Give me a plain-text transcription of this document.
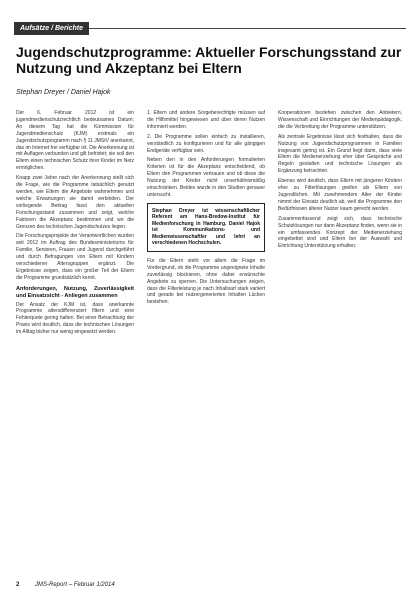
Aufsätze / Berichte
Jugendschutzprogramme: Aktueller Forschungsstand zur Nutzung und Akzeptanz bei Eltern
Stephan Dreyer / Daniel Hajok

Der 6. Februar 2012 ist ein jugendmedienschutzrechtlich bedeutsames Datum: An diesem Tag hat die Kommission für Jugendmedienschutz (KJM) erstmals ein Jugendschutzprogramm nach § 11 JMStV anerkannt, das im Internet frei verfügbar ist. Die Anerkennung ist mit Auflagen verbunden und gilt befristet; sie soll den Eltern einen technischen Schutz ihrer Kinder im Netz ermöglichen.

Knapp zwei Jahre nach der Anerkennung stellt sich die Frage, wie die Programme tatsächlich genutzt werden, wie Eltern die Angebote wahrnehmen und welche Erwartungen sie damit verbinden. Der vorliegende Beitrag fasst den aktuellen Forschungsstand zusammen und zeigt, welche Faktoren die Akzeptanz bestimmen und wo die Grenzen des technischen Jugendschutzes liegen.

Die Forschungsprojekte der Verantwortlichen wurden seit 2012 im Auftrag des Bundesministeriums für Familie, Senioren, Frauen und Jugend durchgeführt und durch Befragungen von Eltern mit Kindern verschiedener Altersgruppen ergänzt. Die Ergebnisse zeigen, dass ein großer Teil der Eltern die Programme grundsätzlich kennt.

Anforderungen, Nutzung, Zuverlässigkeit und Einsatzsicht - Anliegen zusammen

Der Ansatz der KJM ist, dass anerkannte Programme altersdifferenziert filtern und eine Fehlerquote gering halten. Bei einer Betrachtung der Praxis wird deutlich, dass die technischen Lösungen im Alltag bisher nur wenig eingesetzt werden.

1. Eltern und andere Sorgeberechtigte müssen auf die Hilfsmittel hingewiesen und über deren Nutzen informiert werden.

2. Die Programme sollen einfach zu installieren, verständlich zu konfigurieren und für alle gängigen Endgeräte verfügbar sein.

Neben den in den Anforderungen formulierten Kriterien ist für die Akzeptanz entscheidend, ob Eltern den Programmen vertrauen und ob diese die Nutzung der Kinder nicht unverhältnismäßig einschränken. Beides wurde in den Studien genauer untersucht.

Stephan Dreyer ist wissenschaftlicher Referent am Hans-Bredow-Institut für Medienforschung in Hamburg. Daniel Hajok ist Kommunikations- und Medienwissenschaftler und lehrt an verschiedenen Hochschulen.

Für die Eltern steht vor allem die Frage im Vordergrund, ob die Programme ungeeignete Inhalte zuverlässig blockieren, ohne dabei erwünschte Angebote zu sperren. Die Untersuchungen zeigen, dass die Filterleistung je nach Inhaltsart stark variiert und gerade bei nutzergenerierten Inhalten Lücken bestehen.

Kooperationen bestehen zwischen den Anbietern, Wissenschaft und Einrichtungen der Medienpädagogik, die die Verbreitung der Programme unterstützen.

Als zentrale Ergebnisse lässt sich festhalten, dass die Nutzung von Jugendschutzprogrammen in Familien insgesamt gering ist. Ein Grund liegt darin, dass viele Eltern die Medienerziehung eher über Gespräche und Regeln gestalten und technische Lösungen als Ergänzung betrachten.

Ebenso wird deutlich, dass Eltern mit jüngeren Kindern eher zu Filterlösungen greifen als Eltern von Jugendlichen. Mit zunehmendem Alter der Kinder nimmt der Einsatz deutlich ab, weil die Programme den Bedürfnissen älterer Nutzer kaum gerecht werden.

Zusammenfassend zeigt sich, dass technische Schutzlösungen nur dann Akzeptanz finden, wenn sie in ein umfassendes Konzept der Medienerziehung eingebettet sind und Eltern bei der Auswahl und Einrichtung Unterstützung erhalten.

2	JMS-Report – Februar 1/2014
